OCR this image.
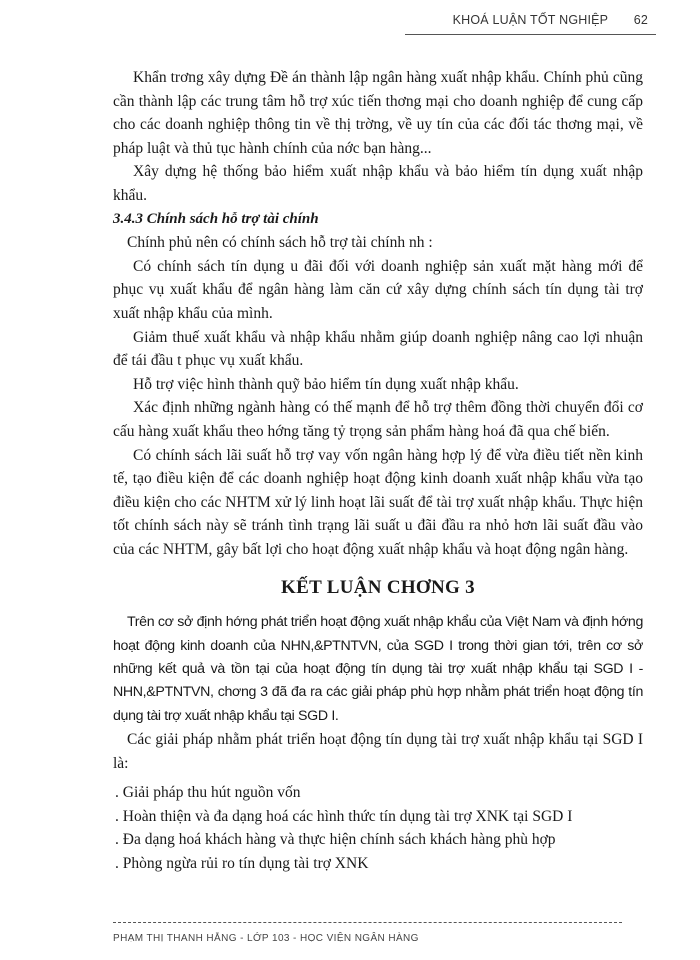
KHOÁ LUẬN TỐT NGHIỆP 62

Khẩn trơng xây dựng Đề án thành lập ngân hàng xuất nhập khẩu. Chính phủ cũng cần thành lập các trung tâm hỗ trợ xúc tiến thơng mại cho doanh nghiệp để cung cấp cho các doanh nghiệp thông tin về thị trờng, về uy tín của các đối tác thơng mại, về pháp luật và thủ tục hành chính của nớc bạn hàng...

Xây dựng hệ thống bảo hiểm xuất nhập khẩu và bảo hiểm tín dụng xuất nhập khẩu.

3.4.3 Chính sách hỗ trợ tài chính

Chính phủ nên có chính sách hỗ trợ tài chính nh :

Có chính sách tín dụng u đãi đối với doanh nghiệp sản xuất mặt hàng mới để phục vụ xuất khẩu để ngân hàng làm căn cứ xây dựng chính sách tín dụng tài trợ xuất nhập khẩu của mình.

Giảm thuế xuất khẩu và nhập khẩu nhằm giúp doanh nghiệp nâng cao lợi nhuận để tái đầu t phục vụ xuất khẩu.

Hỗ trợ việc hình thành quỹ bảo hiểm tín dụng xuất nhập khẩu.

Xác định những ngành hàng có thế mạnh để hỗ trợ thêm đồng thời chuyển đổi cơ cấu hàng xuất khẩu theo hớng tăng tỷ trọng sản phẩm hàng hoá đã qua chế biến.

Có chính sách lãi suất hỗ trợ vay vốn ngân hàng hợp lý để vừa điều tiết nền kinh tế, tạo điều kiện để các doanh nghiệp hoạt động kinh doanh xuất nhập khẩu vừa tạo điều kiện cho các NHTM xử lý linh hoạt lãi suất để tài trợ xuất nhập khẩu. Thực hiện tốt chính sách này sẽ tránh tình trạng lãi suất u đãi đầu ra nhỏ hơn lãi suất đầu vào của các NHTM, gây bất lợi cho hoạt động xuất nhập khẩu và hoạt động ngân hàng.

KẾT LUẬN CHƠNG 3

Trên cơ sở định hớng phát triển hoạt động xuất nhập khẩu của Việt Nam và định hớng hoạt động kinh doanh của NHN,&PTNTVN, của SGD I trong thời gian tới, trên cơ sở những kết quả và tồn tại của hoạt động tín dụng tài trợ xuất nhập khẩu tại SGD I - NHN,&PTNTVN, chơng 3 đã đa ra các giải pháp phù hợp nhằm phát triển hoạt động tín dụng tài trợ xuất nhập khẩu tại SGD I.

Các giải pháp nhằm phát triển hoạt động tín dụng tài trợ xuất nhập khẩu tại SGD I là:

. Giải pháp thu hút nguồn vốn
. Hoàn thiện và đa dạng hoá các hình thức tín dụng tài trợ XNK tại SGD I
. Đa dạng hoá khách hàng và thực hiện chính sách khách hàng phù hợp
. Phòng ngừa rủi ro tín dụng tài trợ XNK
PHẠM THỊ THANH HẰNG - LỚP 103 - HỌC VIỆN NGÂN HÀNG
